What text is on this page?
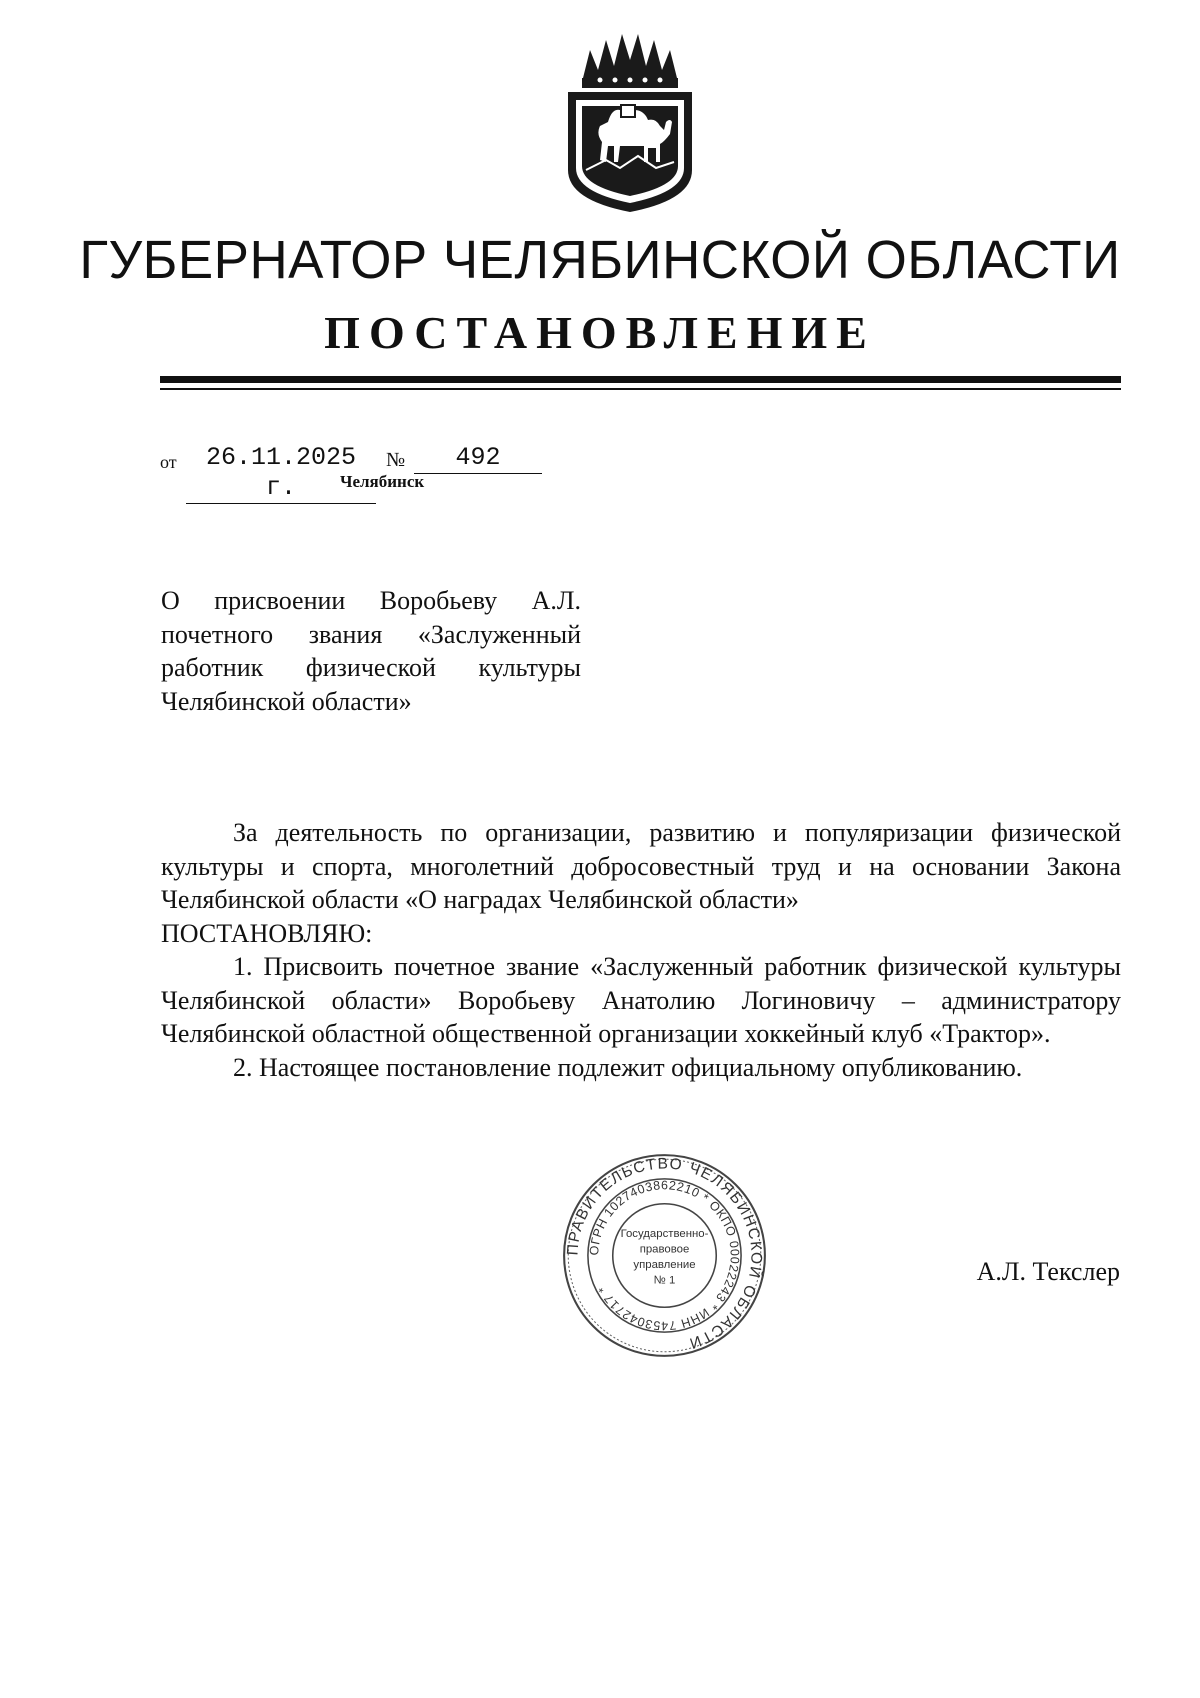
ГУБЕРНАТОР ЧЕЛЯБИНСКОЙ ОБЛАСТИ
ПОСТАНОВЛЕНИЕ
от	26.11.2025 г.
№	492
Челябинск
О присвоении Воробьеву А.Л.
почетного звания «Заслуженный
работник физической культуры
Челябинской области»

За деятельность по организации, развитию и популяризации физической культуры и спорта, многолетний добросовестный труд и на основании Закона Челябинской области «О наградах Челябинской области»

ПОСТАНОВЛЯЮ:

1. Присвоить почетное звание «Заслуженный работник физической культуры Челябинской области» Воробьеву Анатолию Логиновичу – администратору Челябинской областной общественной организации хоккейный клуб «Трактор».

2. Настоящее постановление подлежит официальному опубликованию.

ПРАВИТЕЛЬСТВО ЧЕЛЯБИНСКОЙ ОБЛАСТИ
ОГРН 1027403862210 * ОКПО 00022243 * ИНН 7453042717 *
Государственно-
правовое
управление
№ 1	А.Л. Текслер
